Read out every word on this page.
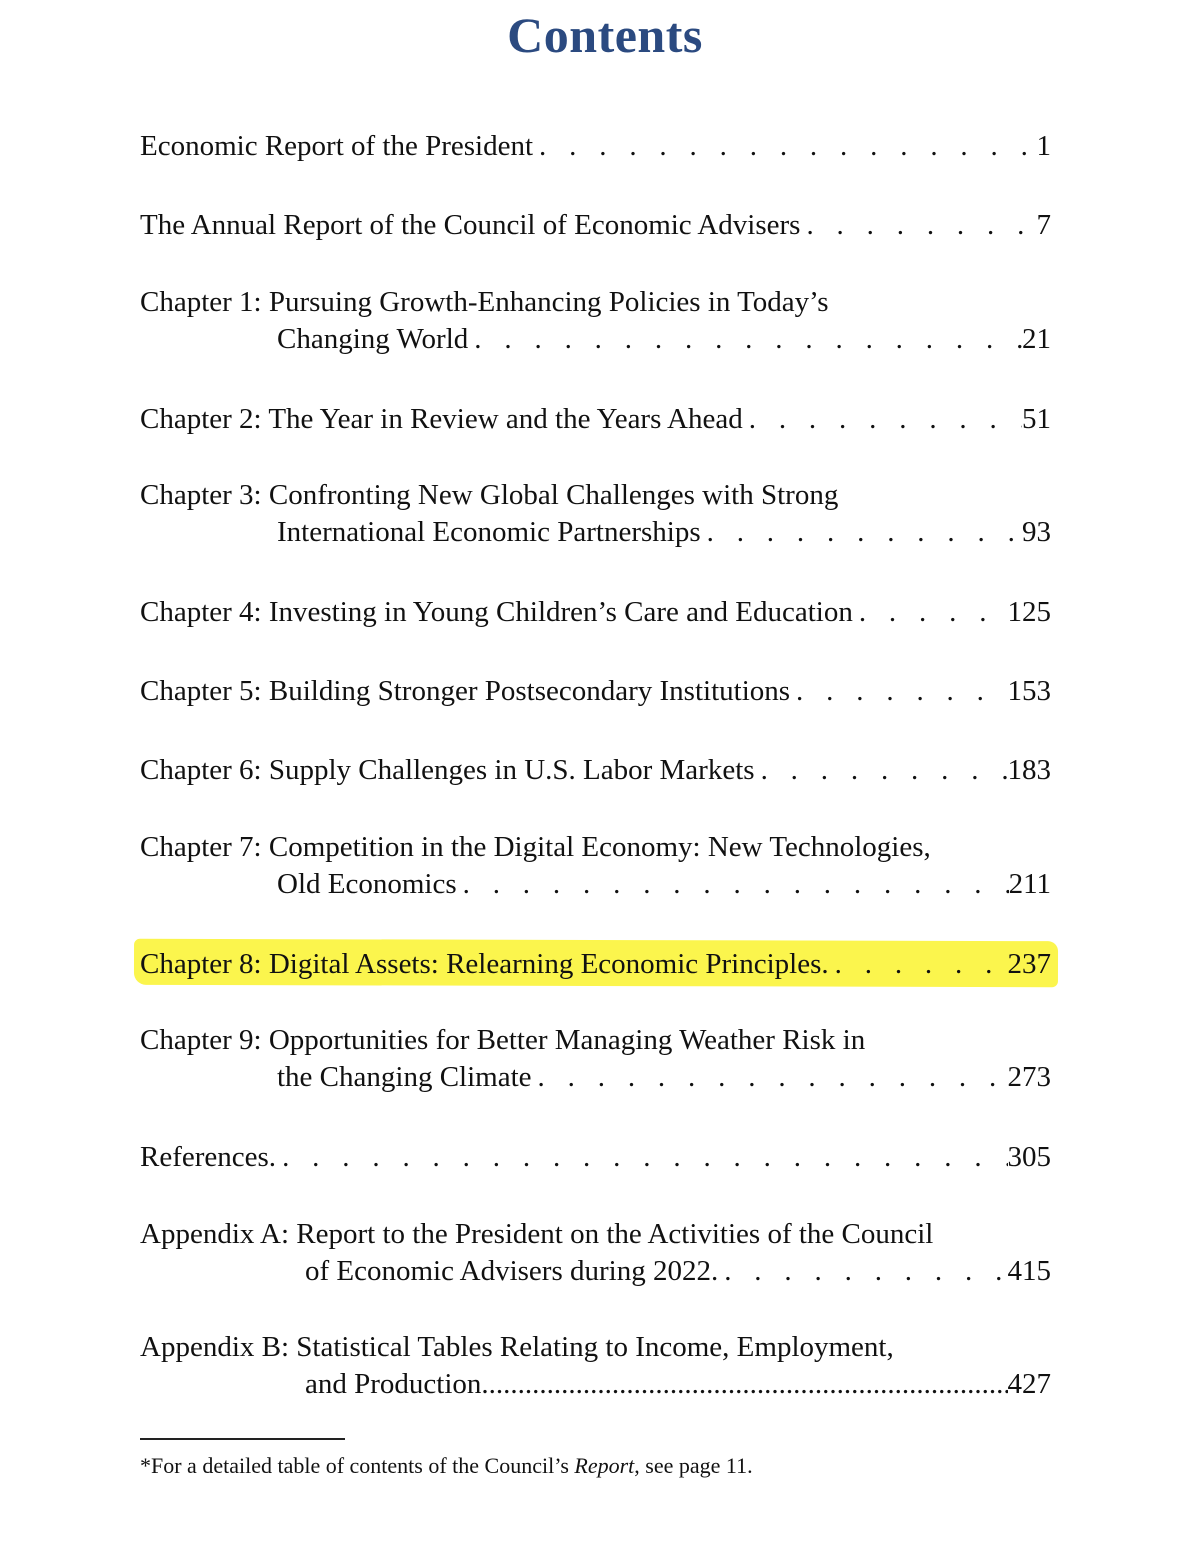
Contents
Economic Report of the President . . .	1
The Annual Report of the Council of Economic Advisers . . .	7
Chapter 1: Pursuing Growth-Enhancing Policies in Today’s
Changing World . . .	21
Chapter 2: The Year in Review and the Years Ahead . . .	51
Chapter 3: Confronting New Global Challenges with Strong
International Economic Partnerships . . .	93
Chapter 4: Investing in Young Children’s Care and Education . . .	125
Chapter 5: Building Stronger Postsecondary Institutions . . .	153
Chapter 6: Supply Challenges in U.S. Labor Markets . . .	183
Chapter 7: Competition in the Digital Economy: New Technologies,
Old Economics . . .	211
Chapter 8: Digital Assets: Relearning Economic Principles. . . .	237
Chapter 9: Opportunities for Better Managing Weather Risk in
the Changing Climate . . .	273
References. . . .	305
Appendix A: Report to the President on the Activities of the Council
of Economic Advisers during 2022. . . .	415
Appendix B: Statistical Tables Relating to Income, Employment,
and Production .....	427
*For a detailed table of contents of the Council’s Report, see page 11.
